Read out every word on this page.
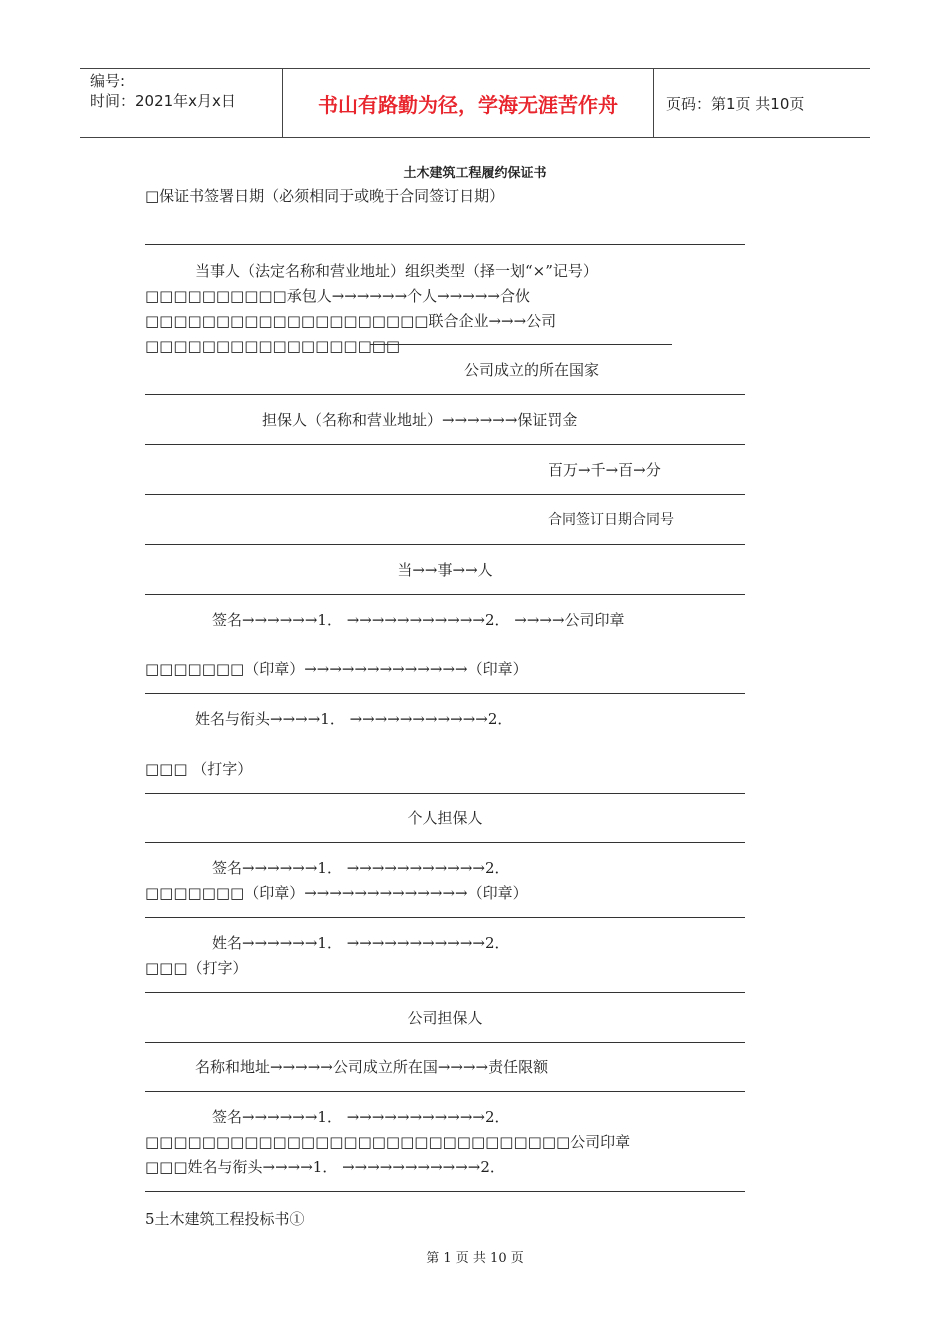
编号:
时间：2021年x月x日	书山有路勤为径，学海无涯苦作舟	页码：第1页 共10页
土木建筑工程履约保证书
□保证书签署日期（必须相同于或晚于合同签订日期）
当事人（法定名称和营业地址）组织类型（择一划“×”记号）
□□□□□□□□□□承包人→→→→→→个人→→→→→合伙
□□□□□□□□□□□□□□□□□□□□联合企业→→→公司
□□□□□□□□□□□□□□□□□□
公司成立的所在国家
担保人（名称和营业地址）→→→→→→保证罚金
百万→千→百→分
合同签订日期合同号
当→→事→→人
签名→→→→→→1． →→→→→→→→→→→2． →→→→公司印章
□□□□□□□（印章）→→→→→→→→→→→→→（印章）
姓名与衔头→→→→1． →→→→→→→→→→→2．
□□□ （打字）
个人担保人
签名→→→→→→1． →→→→→→→→→→→2．
□□□□□□□（印章）→→→→→→→→→→→→→（印章）
姓名→→→→→→1． →→→→→→→→→→→2．
□□□（打字）
公司担保人
名称和地址→→→→→公司成立所在国→→→→责任限额
签名→→→→→→1． →→→→→→→→→→→2．
□□□□□□□□□□□□□□□□□□□□□□□□□□□□□□公司印章
□□□姓名与衔头→→→→1． →→→→→→→→→→→2．
5土木建筑工程投标书①
第 1 页 共 10 页
